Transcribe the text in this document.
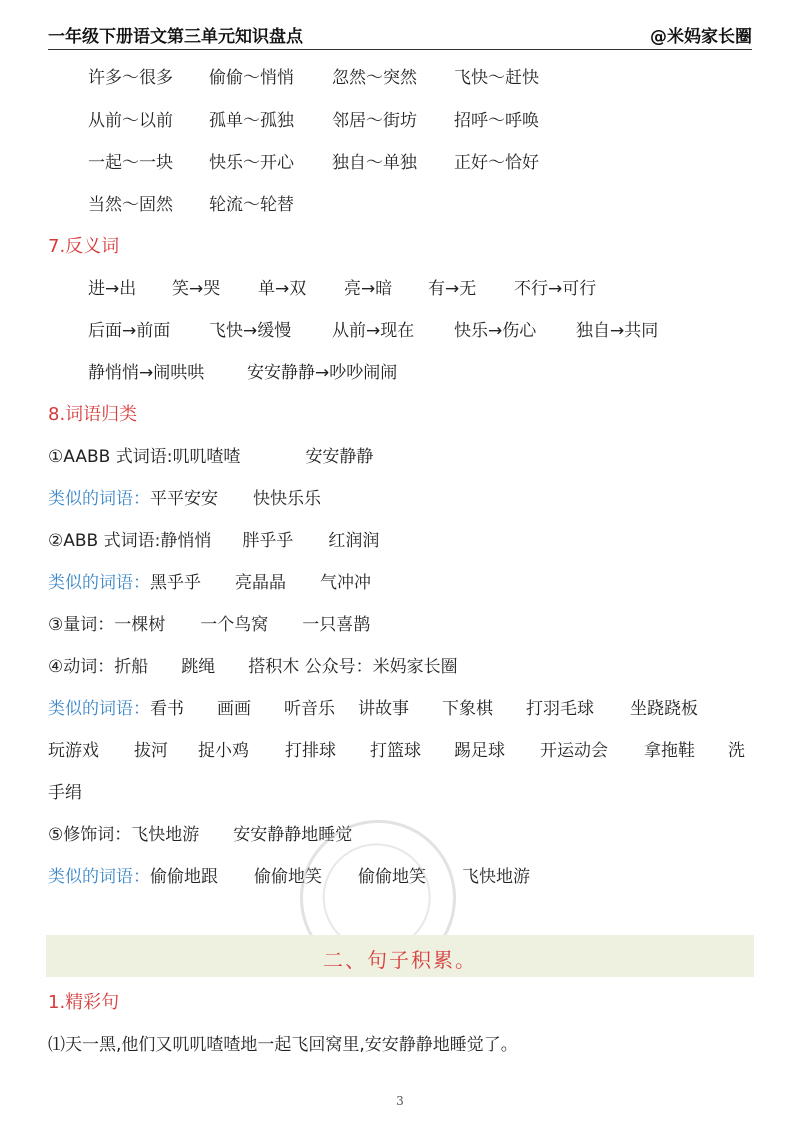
一年级下册语文第三单元知识盘点	@米妈家长圈
许多～很多 偷偷～悄悄 忽然～突然 飞快～赶快
从前～以前 孤单～孤独 邻居～街坊 招呼～呼唤
一起～一块 快乐～开心 独自～单独 正好～恰好
当然～固然 轮流～轮替
7.反义词
进→出 笑→哭 单→双 亮→暗 有→无 不行→可行
后面→前面 飞快→缓慢 从前→现在 快乐→伤心 独自→共同
静悄悄→闹哄哄	安安静静→吵吵闹闹
8.词语归类
①AABB 式词语:叽叽喳喳	安安静静
类似的词语：平平安安 快快乐乐
②ABB 式词语:静悄悄 胖乎乎 红润润
类似的词语：黑乎乎 亮晶晶 气冲冲
③量词：一棵树 一个鸟窝 一只喜鹊
④动词：折船 跳绳 搭积木 公众号：米妈家长圈
类似的词语：看书 画画 听音乐 讲故事 下象棋 打羽毛球 坐跷跷板
玩游戏 拔河 捉小鸡 打排球 打篮球 踢足球 开运动会 拿拖鞋 洗
手绢
⑤修饰词：飞快地游 安安静静地睡觉
类似的词语：偷偷地跟 偷偷地笑 偷偷地笑 飞快地游
二、句子积累。
1.精彩句
⑴天一黑,他们又叽叽喳喳地一起飞回窝里,安安静静地睡觉了。
3
